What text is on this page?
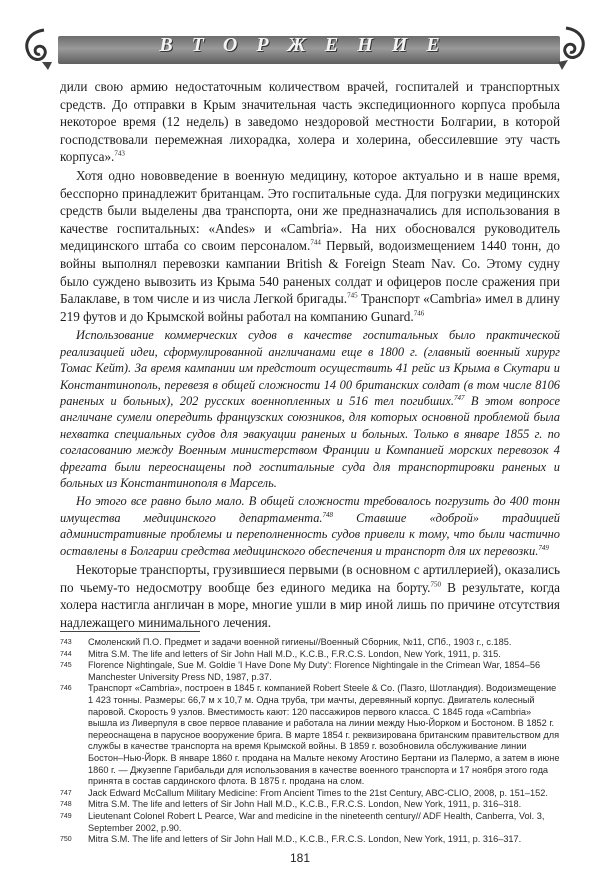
В Т О Р Ж Е Н И Е

дили свою армию недостаточным количеством врачей, госпиталей и транспортных средств. До отправки в Крым значительная часть экспедиционного корпуса пробыла некоторое время (12 недель) в заведомо нездоровой местности Болгарии, в которой господствовали перемежная лихорадка, холера и холерина, обессилевшие эту часть корпуса».$^{743}$

Хотя одно нововведение в военную медицину, которое актуально и в наше время, бесспорно принадлежит британцам. Это госпитальные суда. Для погрузки медицинских средств были выделены два транспорта, они же предназначались для использования в качестве госпитальных: «Andes» и «Cambria». На них обосновался руководитель медицинского штаба со своим персоналом.$^{744}$ Первый, водоизмещением 1440 тонн, до войны выполнял перевозки кампании British & Foreign Steam Nav. Co. Этому судну было суждено вывозить из Крыма 540 раненых солдат и офицеров после сражения при Балаклаве, в том числе и из числа Легкой бригады.$^{745}$ Транспорт «Cambria» имел в длину 219 футов и до Крымской войны работал на компанию Gunard.$^{746}$

Использование коммерческих судов в качестве госпитальных было практической реализацией идеи, сформулированной англичанами еще в 1800 г. (главный военный хирург Томас Кейт). За время кампании им предстоит осуществить 41 рейс из Крыма в Скутари и Константинополь, перевезя в общей сложности 14 00 британских солдат (в том числе 8106 раненых и больных), 202 русских военнопленных и 516 тел погибших.$^{747}$ В этом вопросе англичане сумели опередить французских союзников, для которых основной проблемой была нехватка специальных судов для эвакуации раненых и больных. Только в январе 1855 г. по согласованию между Военным министерством Франции и Компанией морских перевозок 4 фрегата были переоснащены под госпитальные суда для транспортировки раненых и больных из Константинополя в Марсель.

Но этого все равно было мало. В общей сложности требовалось погрузить до 400 тонн имущества медицинского департамента.$^{748}$ Ставшие «доброй» традицией административные проблемы и переполненность судов привели к тому, что были частично оставлены в Болгарии средства медицинского обеспечения и транспорт для их перевозки.$^{749}$

Некоторые транспорты, грузившиеся первыми (в основном с артиллерией), оказались по чьему-то недосмотру вообще без единого медика на борту.$^{750}$ В результате, когда холера настигла англичан в море, многие ушли в мир иной лишь по причине отсутствия надлежащего минимального лечения.

743 Смоленский П.О. Предмет и задачи военной гигиены//Военный Сборник, №11, СПб., 1903 г., с.185.
744 Mitra S.M. The life and letters of Sir John Hall M.D., K.C.B., F.R.C.S. London, New York, 1911, p. 315.
745 Florence Nightingale, Sue M. Goldie 'I Have Done My Duty': Florence Nightingale in the Crimean War, 1854–56 Manchester University Press ND, 1987, p.37.
746 Транспорт «Cambria», построен в 1845 г. компанией Robert Steele & Co. (Пазго, Шотландия). Водоизмещение 1 423 тонны. Размеры: 66,7 м х 10,7 м. Одна труба, три мачты, деревянный корпус. Двигатель колесный паровой. Скорость 9 узлов. Вместимость кают: 120 пассажиров первого класса. С 1845 года «Cambria» вышла из Ливерпуля в свое первое плавание и работала на линии между Нью-Йорком и Бостоном. В 1852 г. переоснащена в парусное вооружение брига. В марте 1854 г. реквизирована британским правительством для службы в качестве транспорта на время Крымской войны. В 1859 г. возобновила обслуживание линии Бостон–Нью-Йорк. В январе 1860 г. продана на Мальте некому Агостино Бертани из Палермо, а затем в июне 1860 г. — Джузеппе Гарибальди для использования в качестве военного транспорта и 17 ноября этого года принята в состав сардинского флота. В 1875 г. продана на слом.
747 Jack Edward McCallum Military Medicine: From Ancient Times to the 21st Century, ABC-CLIO, 2008, p. 151–152.
748 Mitra S.M. The life and letters of Sir John Hall M.D., K.C.B., F.R.C.S. London, New York, 1911, p. 316–318.
749 Lieutenant Colonel Robert L Pearce, War and medicine in the nineteenth century// ADF Health, Canberra, Vol. 3, September 2002, p.90.
750 Mitra S.M. The life and letters of Sir John Hall M.D., K.C.B., F.R.C.S. London, New York, 1911, p. 316–317.
181
